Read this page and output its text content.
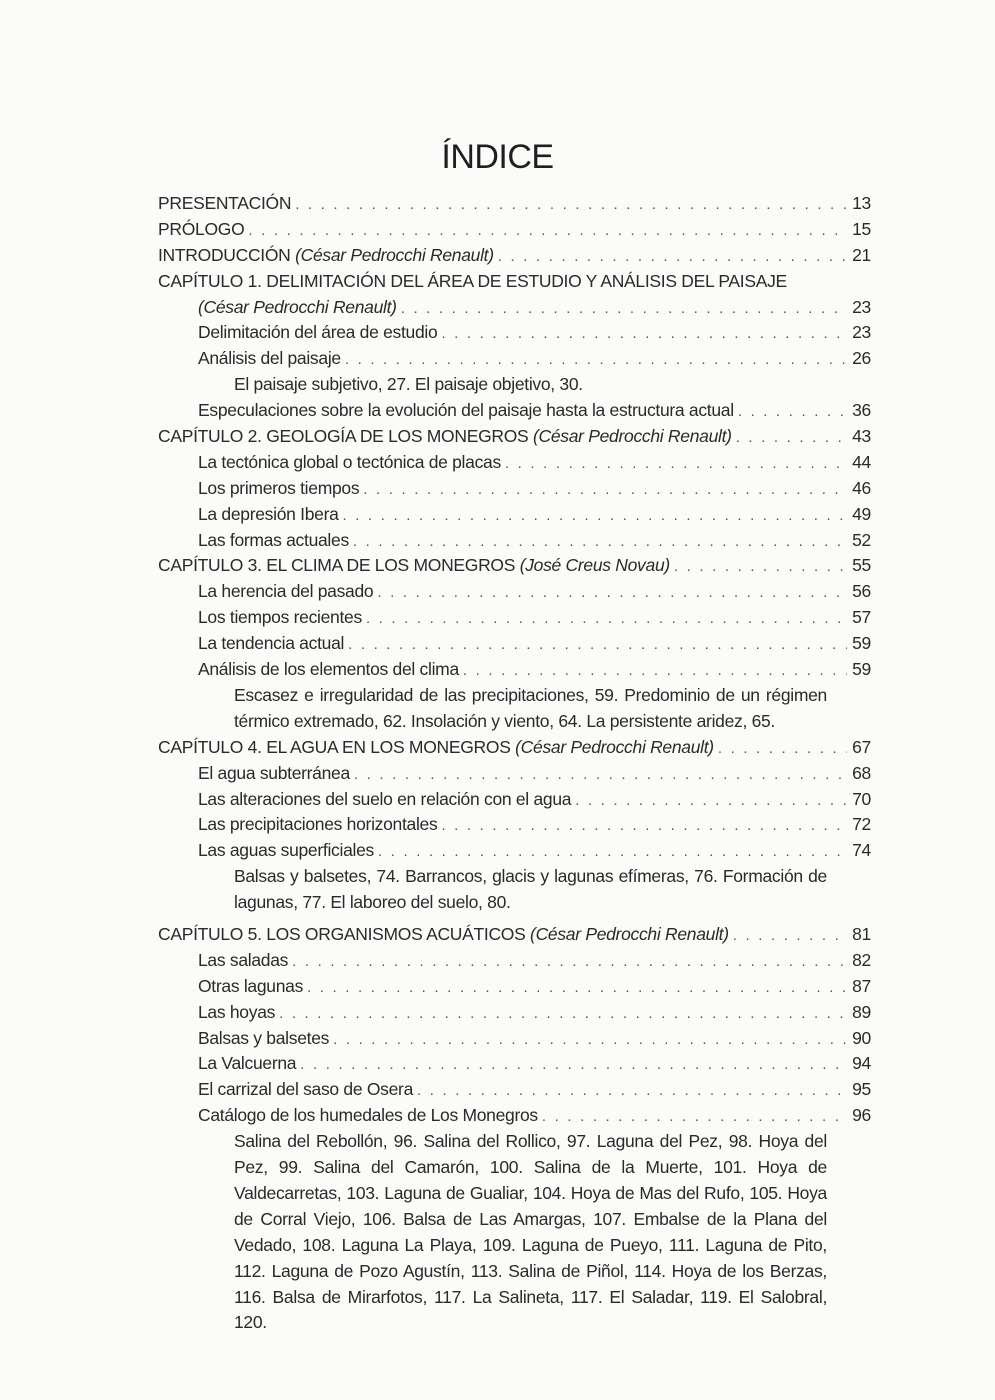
ÍNDICE
PRESENTACIÓN . . .	13
PRÓLOGO . . .	15
INTRODUCCIÓN (César Pedrocchi Renault) . . .	21
CAPÍTULO 1. DELIMITACIÓN DEL ÁREA DE ESTUDIO Y ANÁLISIS DEL PAISAJE
(César Pedrocchi Renault) . . .	23
Delimitación del área de estudio . . .	23
Análisis del paisaje . . .	26
El paisaje subjetivo, 27. El paisaje objetivo, 30.
Especulaciones sobre la evolución del paisaje hasta la estructura actual . . .	36
CAPÍTULO 2. GEOLOGÍA DE LOS MONEGROS (César Pedrocchi Renault) . . .	43
La tectónica global o tectónica de placas . . .	44
Los primeros tiempos . . .	46
La depresión Ibera . . .	49
Las formas actuales . . .	52
CAPÍTULO 3. EL CLIMA DE LOS MONEGROS (José Creus Novau) . . .	55
La herencia del pasado . . .	56
Los tiempos recientes . . .	57
La tendencia actual . . .	59
Análisis de los elementos del clima . . .	59
Escasez e irregularidad de las precipitaciones, 59. Predominio de un régimen térmico extremado, 62. Insolación y viento, 64. La persistente aridez, 65.
CAPÍTULO 4. EL AGUA EN LOS MONEGROS (César Pedrocchi Renault) . . .	67
El agua subterránea . . .	68
Las alteraciones del suelo en relación con el agua . . .	70
Las precipitaciones horizontales . . .	72
Las aguas superficiales . . .	74
Balsas y balsetes, 74. Barrancos, glacis y lagunas efímeras, 76. Formación de lagunas, 77. El laboreo del suelo, 80.
CAPÍTULO 5. LOS ORGANISMOS ACUÁTICOS (César Pedrocchi Renault) . . .	81
Las saladas . . .	82
Otras lagunas . . .	87
Las hoyas . . .	89
Balsas y balsetes . . .	90
La Valcuerna . . .	94
El carrizal del saso de Osera . . .	95
Catálogo de los humedales de Los Monegros . . .	96
Salina del Rebollón, 96. Salina del Rollico, 97. Laguna del Pez, 98. Hoya del Pez, 99. Salina del Camarón, 100. Salina de la Muerte, 101. Hoya de Valdecarretas, 103. Laguna de Gualiar, 104. Hoya de Mas del Rufo, 105. Hoya de Corral Viejo, 106. Balsa de Las Amargas, 107. Embalse de la Plana del Vedado, 108. Laguna La Playa, 109. Laguna de Pueyo, 111. Laguna de Pito, 112. Laguna de Pozo Agustín, 113. Salina de Piñol, 114. Hoya de los Berzas, 116. Balsa de Mirarfotos, 117. La Salineta, 117. El Saladar, 119. El Salobral, 120.
